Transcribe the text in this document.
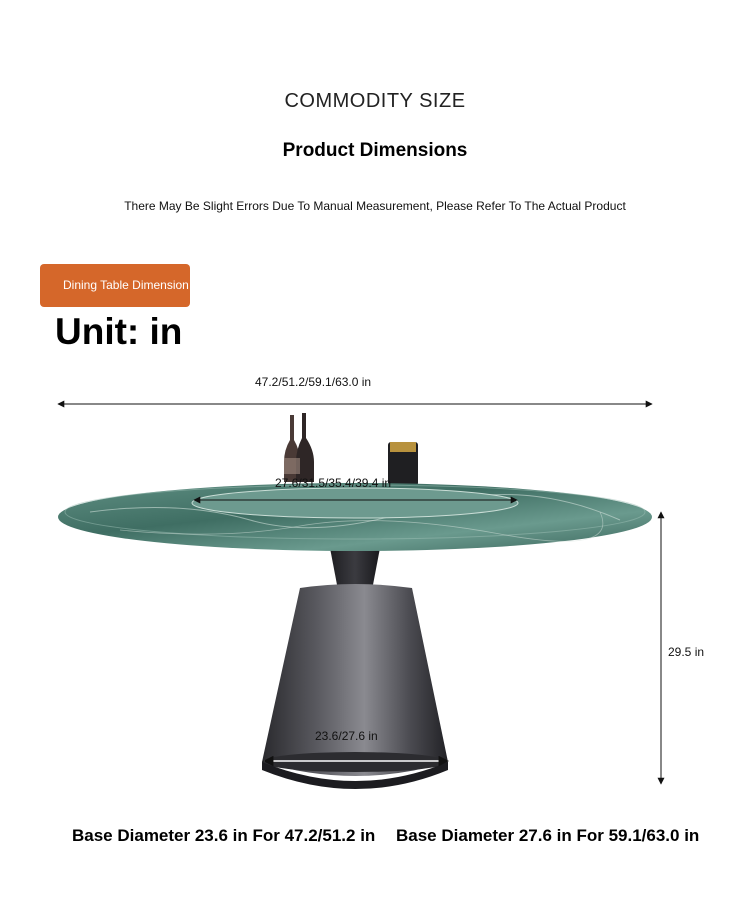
COMMODITY SIZE
Product Dimensions
There May Be Slight Errors Due To Manual Measurement, Please Refer To The Actual Product
Dining Table Dimension
Unit: in
47.2/51.2/59.1/63.0 in
27.6/31.5/35.4/39.4 in
29.5 in
23.6/27.6 in
Base Diameter 23.6 in For 47.2/51.2 in Base Diameter 27.6 in For 59.1/63.0 in
